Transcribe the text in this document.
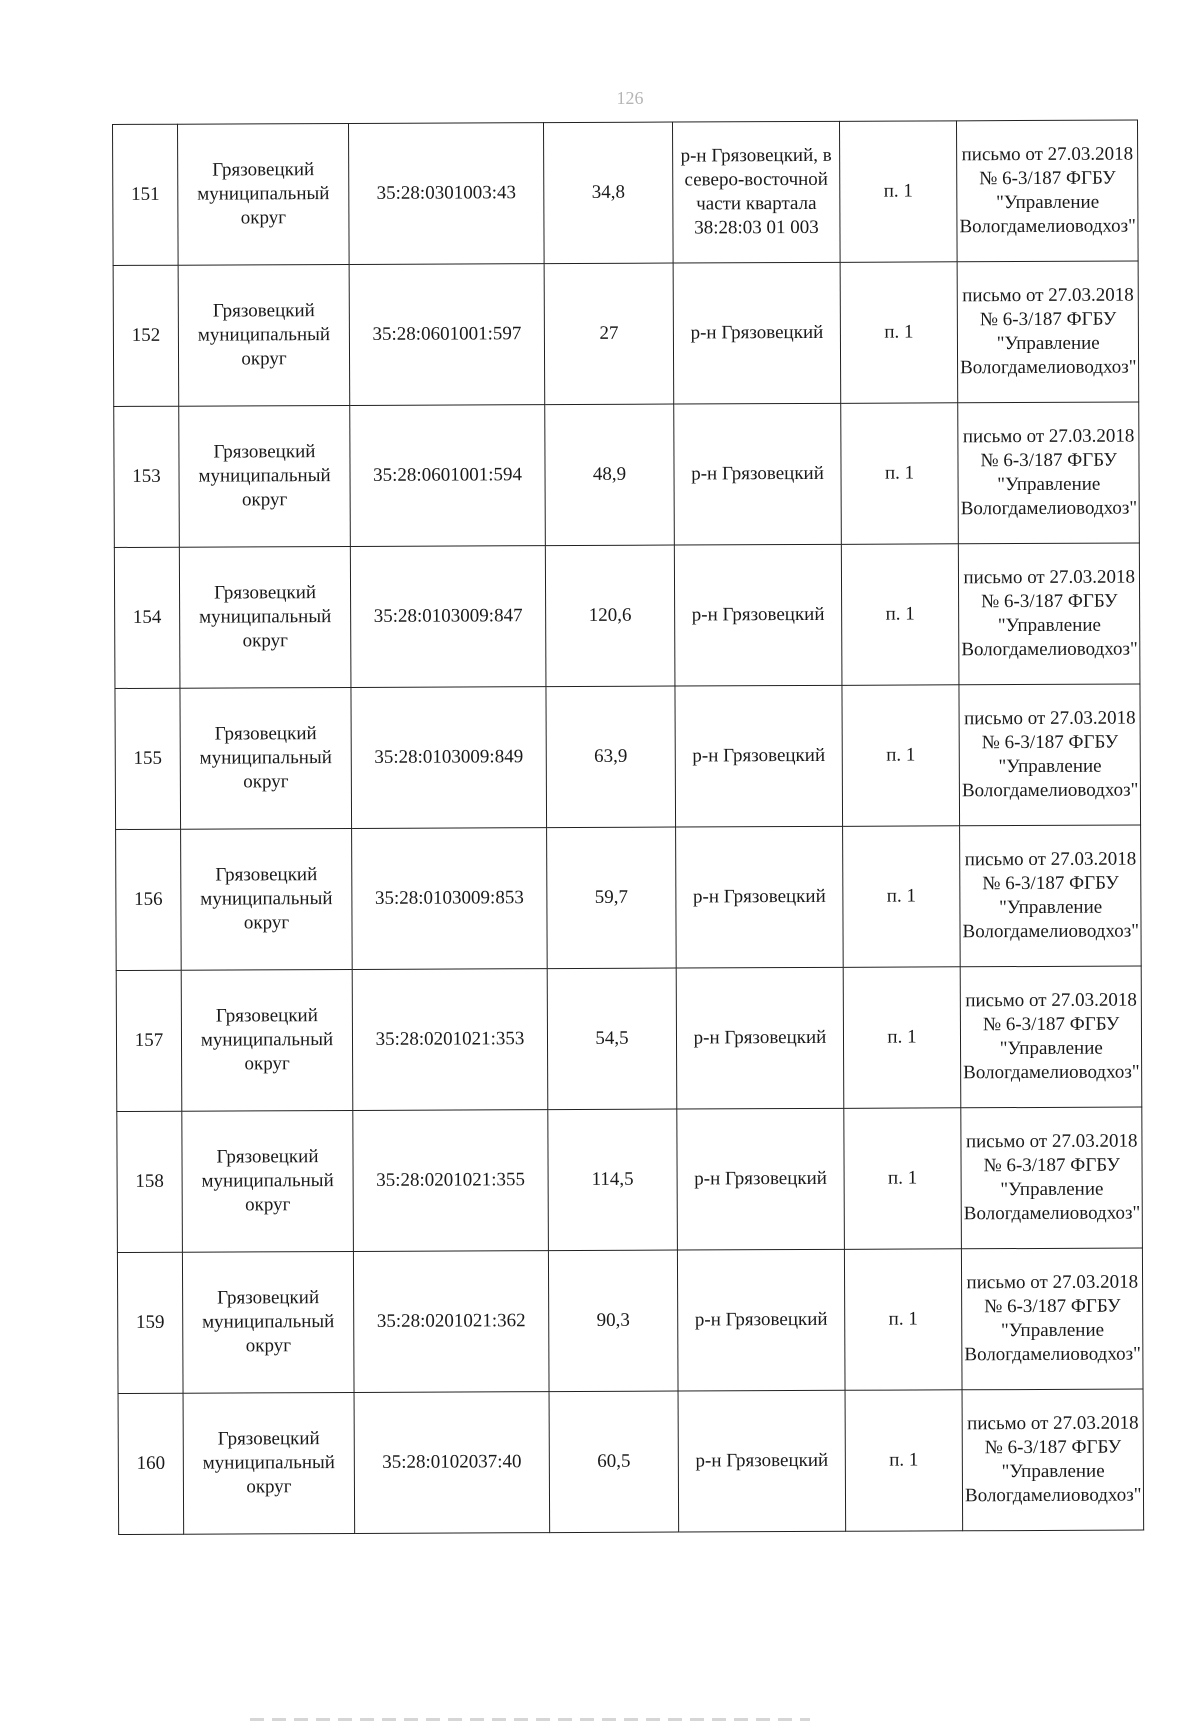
126
151	Грязовецкий муниципальный округ	35:28:0301003:43	34,8	р-н Грязовецкий, в северо-восточной части квартала 38:28:03 01 003	п. 1	письмо от 27.03.2018 № 6-3/187 ФГБУ "Управление Вологдамелиоводхоз"
152	Грязовецкий муниципальный округ	35:28:0601001:597	27	р-н Грязовецкий	п. 1	письмо от 27.03.2018 № 6-3/187 ФГБУ "Управление Вологдамелиоводхоз"
153	Грязовецкий муниципальный округ	35:28:0601001:594	48,9	р-н Грязовецкий	п. 1	письмо от 27.03.2018 № 6-3/187 ФГБУ "Управление Вологдамелиоводхоз"
154	Грязовецкий муниципальный округ	35:28:0103009:847	120,6	р-н Грязовецкий	п. 1	письмо от 27.03.2018 № 6-3/187 ФГБУ "Управление Вологдамелиоводхоз"
155	Грязовецкий муниципальный округ	35:28:0103009:849	63,9	р-н Грязовецкий	п. 1	письмо от 27.03.2018 № 6-3/187 ФГБУ "Управление Вологдамелиоводхоз"
156	Грязовецкий муниципальный округ	35:28:0103009:853	59,7	р-н Грязовецкий	п. 1	письмо от 27.03.2018 № 6-3/187 ФГБУ "Управление Вологдамелиоводхоз"
157	Грязовецкий муниципальный округ	35:28:0201021:353	54,5	р-н Грязовецкий	п. 1	письмо от 27.03.2018 № 6-3/187 ФГБУ "Управление Вологдамелиоводхоз"
158	Грязовецкий муниципальный округ	35:28:0201021:355	114,5	р-н Грязовецкий	п. 1	письмо от 27.03.2018 № 6-3/187 ФГБУ "Управление Вологдамелиоводхоз"
159	Грязовецкий муниципальный округ	35:28:0201021:362	90,3	р-н Грязовецкий	п. 1	письмо от 27.03.2018 № 6-3/187 ФГБУ "Управление Вологдамелиоводхоз"
160	Грязовецкий муниципальный округ	35:28:0102037:40	60,5	р-н Грязовецкий	п. 1	письмо от 27.03.2018 № 6-3/187 ФГБУ "Управление Вологдамелиоводхоз"
